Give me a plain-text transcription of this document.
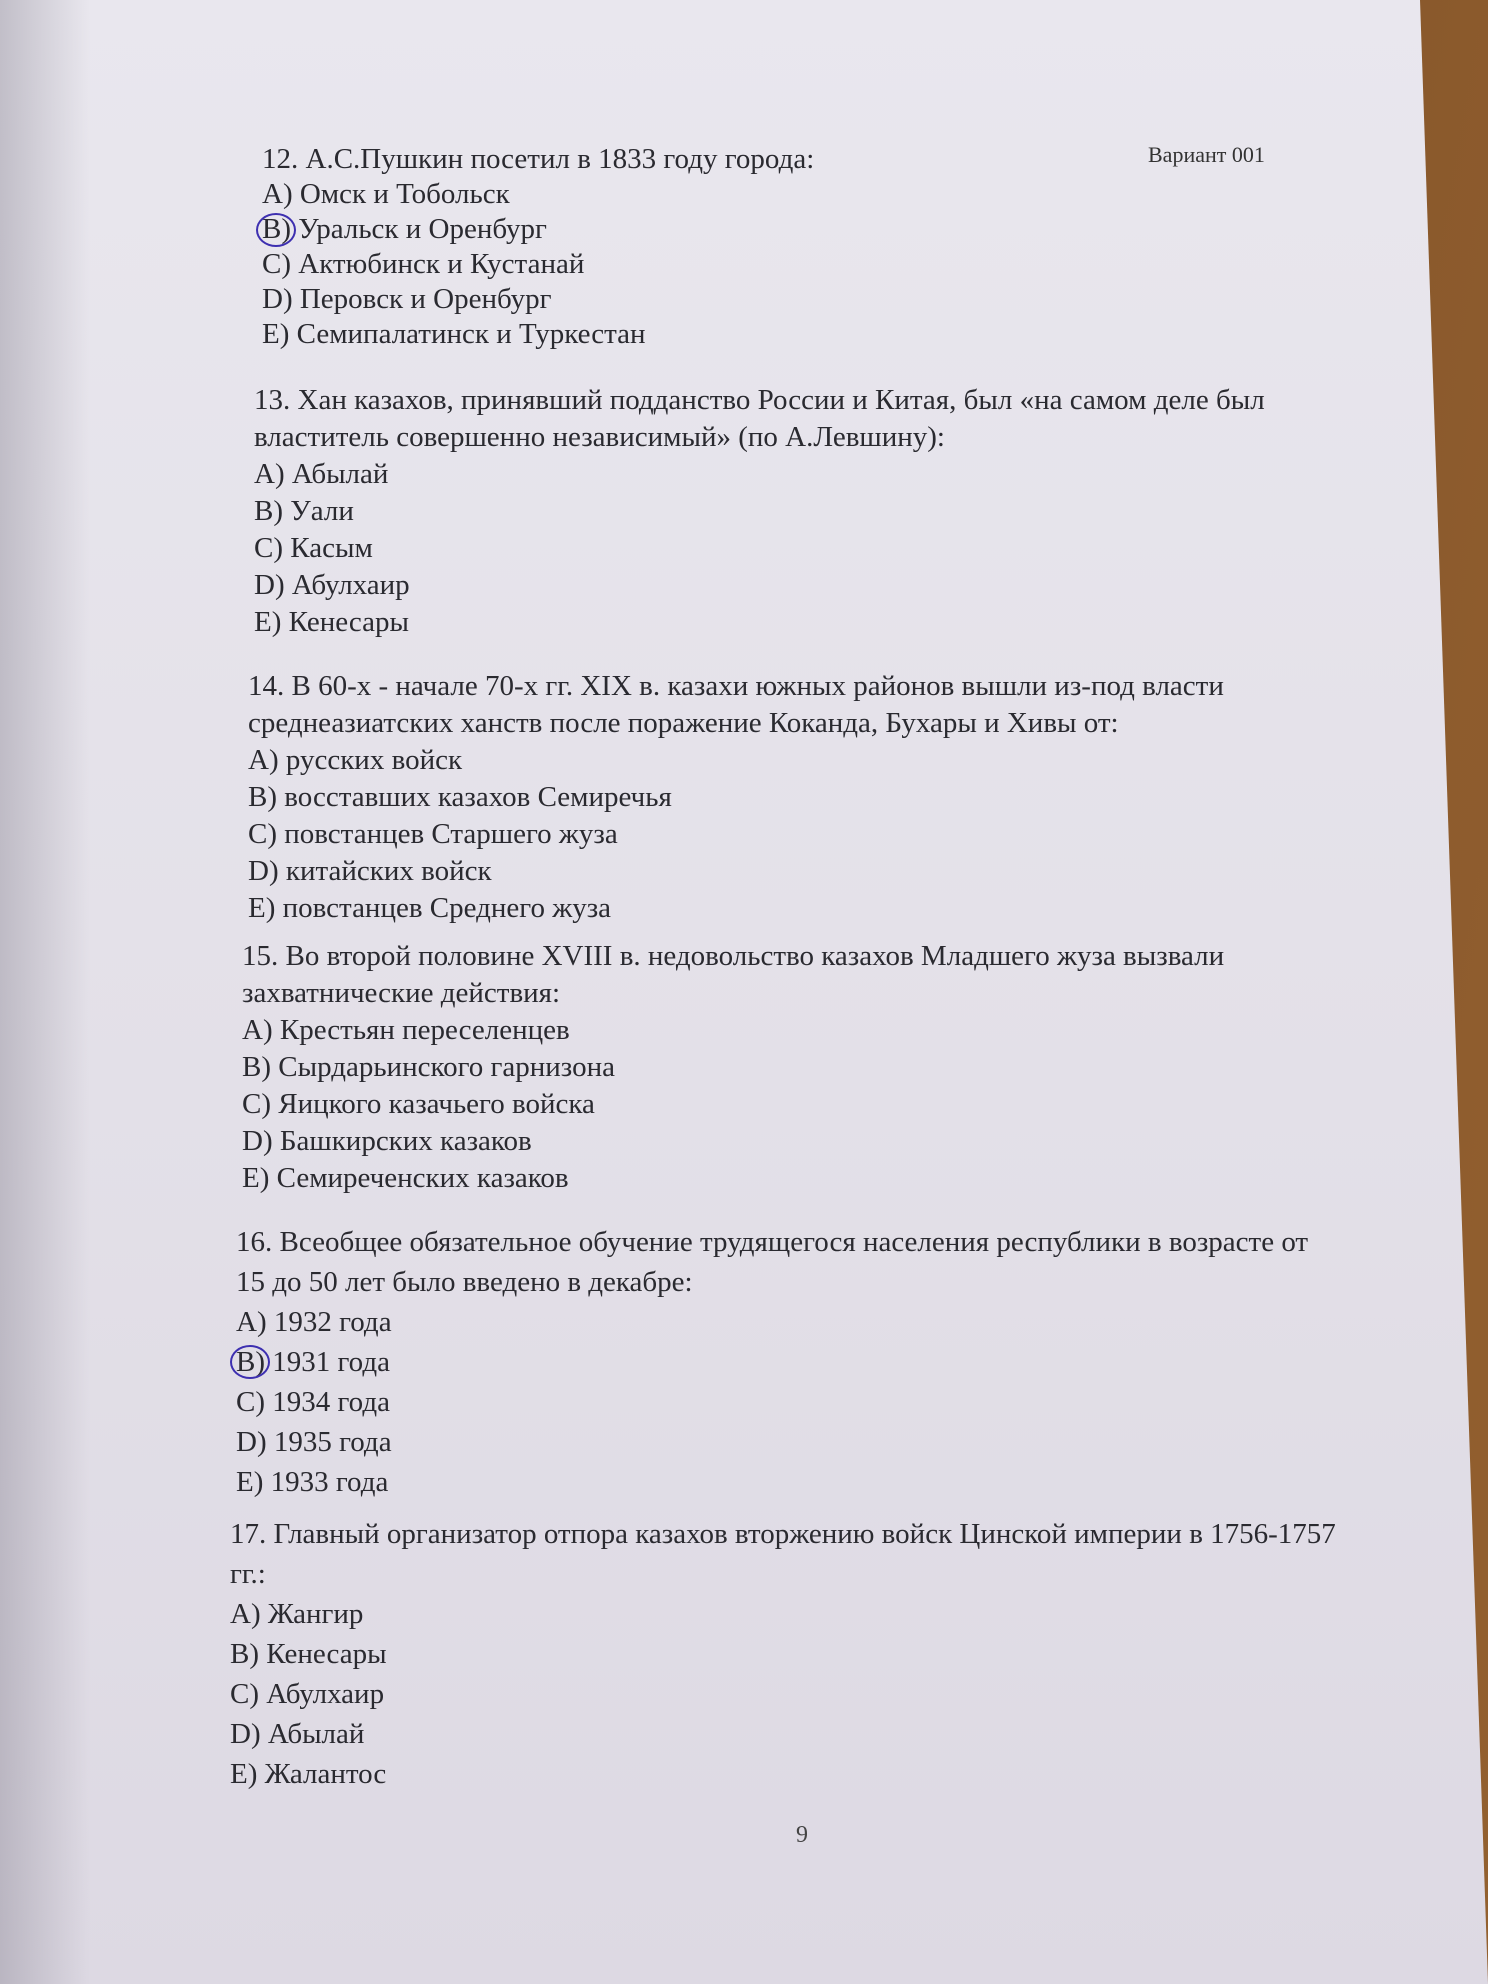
Вариант 001

12. А.С.Пушкин посетил в 1833 году города:

A) Омск и Тобольск

B) Уральск и Оренбург

C) Актюбинск и Кустанай

D) Перовск и Оренбург

E) Семипалатинск и Туркестан

13. Хан казахов, принявший подданство России и Китая, был «на самом деле был властитель совершенно независимый» (по А.Левшину):

A) Абылай

B) Уали

C) Касым

D) Абулхаир

E) Кенесары

14. В 60-х - начале 70-х гг. XIX в. казахи южных районов вышли из-под власти среднеазиатских ханств после поражение Коканда, Бухары и Хивы от:

A) русских войск

B) восставших казахов Семиречья

C) повстанцев Старшего жуза

D) китайских войск

E) повстанцев Среднего жуза

15. Во второй половине XVIII в. недовольство казахов Младшего жуза вызвали захватнические действия:

A) Крестьян переселенцев

B) Сырдарьинского гарнизона

C) Яицкого казачьего войска

D) Башкирских казаков

E) Семиреченских казаков

16. Всеобщее обязательное обучение трудящегося населения республики в возрасте от 15 до 50 лет было введено в декабре:

A) 1932 года

B) 1931 года

C) 1934 года

D) 1935 года

E) 1933 года

17. Главный организатор отпора казахов вторжению войск Цинской империи в 1756-1757 гг.:

A) Жангир

B) Кенесары

C) Абулхаир

D) Абылай

E) Жалантос

9
